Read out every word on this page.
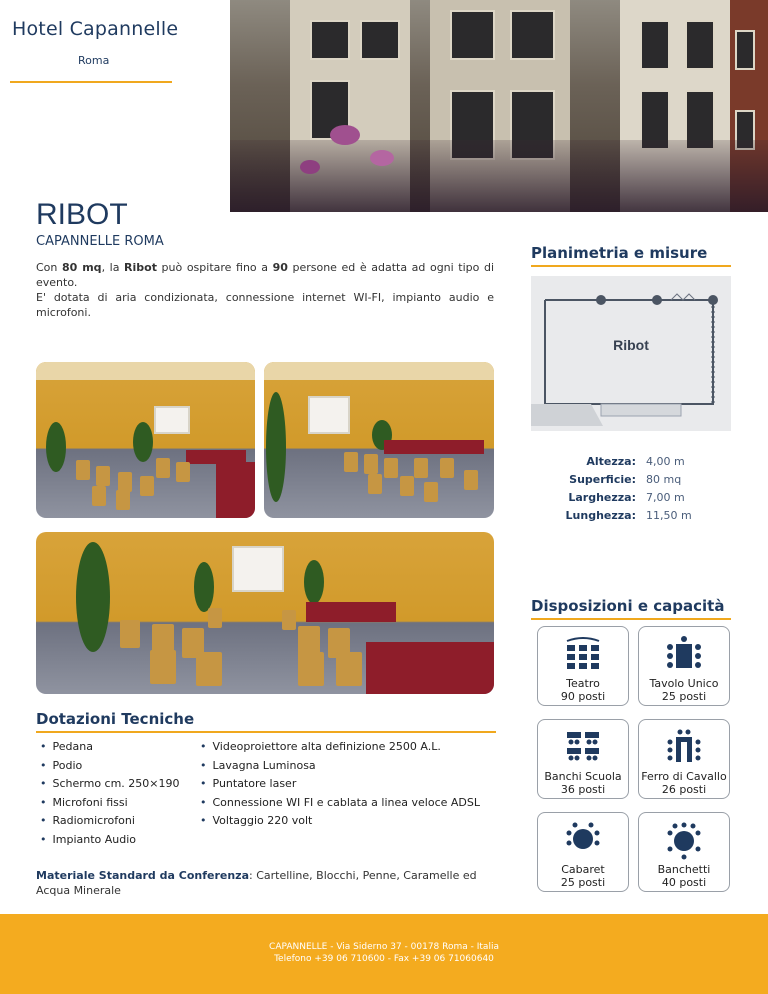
Hotel Capannelle
Roma
RIBOT
CAPANNELLE ROMA
Con 80 mq, la Ribot può ospitare fino a 90 persone ed è adatta ad ogni tipo di evento.
E' dotata di aria condizionata, connessione internet WI-FI, impianto audio e microfoni.
Planimetria e misure
Ribot
Altezza: 4,00 m
Superficie: 80 mq
Larghezza: 7,00 m
Lunghezza: 11,50 m
Disposizioni e capacità
Teatro
90 posti
Tavolo Unico
25 posti
Banchi Scuola
36 posti
Ferro di Cavallo
26 posti
Cabaret
25 posti
Banchetti
40 posti
Dotazioni Tecniche
• Pedana
• Podio
• Schermo cm. 250×190
• Microfoni fissi
• Radiomicrofoni
• Impianto Audio
• Videoproiettore alta definizione 2500 A.L.
• Lavagna Luminosa
• Puntatore laser
• Connessione WI FI e cablata a linea veloce ADSL
• Voltaggio 220 volt
Materiale Standard da Conferenza: Cartelline, Blocchi, Penne, Caramelle ed Acqua Minerale
CAPANNELLE - Via Siderno 37 - 00178 Roma - Italia
Telefono +39 06 710600 - Fax +39 06 71060640
